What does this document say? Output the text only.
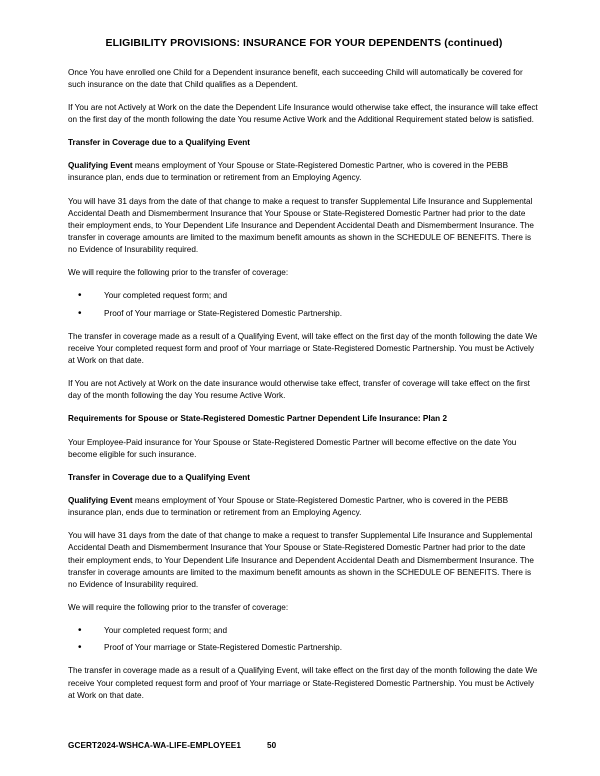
ELIGIBILITY PROVISIONS: INSURANCE FOR YOUR DEPENDENTS (continued)

Once You have enrolled one Child for a Dependent insurance benefit, each succeeding Child will automatically be covered for such insurance on the date that Child qualifies as a Dependent.

If You are not Actively at Work on the date the Dependent Life Insurance would otherwise take effect, the insurance will take effect on the first day of the month following the date You resume Active Work and the Additional Requirement stated below is satisfied.

Transfer in Coverage due to a Qualifying Event

Qualifying Event means employment of Your Spouse or State-Registered Domestic Partner, who is covered in the PEBB insurance plan, ends due to termination or retirement from an Employing Agency.

You will have 31 days from the date of that change to make a request to transfer Supplemental Life Insurance and Supplemental Accidental Death and Dismemberment Insurance that Your Spouse or State-Registered Domestic Partner had prior to the date their employment ends, to Your Dependent Life Insurance and Dependent Accidental Death and Dismemberment Insurance. The transfer in coverage amounts are limited to the maximum benefit amounts as shown in the SCHEDULE OF BENEFITS. There is no Evidence of Insurability required.

We will require the following prior to the transfer of coverage:

•	Your completed request form; and
•	Proof of Your marriage or State-Registered Domestic Partnership.

The transfer in coverage made as a result of a Qualifying Event, will take effect on the first day of the month following the date We receive Your completed request form and proof of Your marriage or State-Registered Domestic Partnership. You must be Actively at Work on that date.

If You are not Actively at Work on the date insurance would otherwise take effect, transfer of coverage will take effect on the first day of the month following the day You resume Active Work.

Requirements for Spouse or State-Registered Domestic Partner Dependent Life Insurance: Plan 2

Your Employee-Paid insurance for Your Spouse or State-Registered Domestic Partner will become effective on the date You become eligible for such insurance.

Transfer in Coverage due to a Qualifying Event

Qualifying Event means employment of Your Spouse or State-Registered Domestic Partner, who is covered in the PEBB insurance plan, ends due to termination or retirement from an Employing Agency.

You will have 31 days from the date of that change to make a request to transfer Supplemental Life Insurance and Supplemental Accidental Death and Dismemberment Insurance that Your Spouse or State-Registered Domestic Partner had prior to the date their employment ends, to Your Dependent Life Insurance and Dependent Accidental Death and Dismemberment Insurance. The transfer in coverage amounts are limited to the maximum benefit amounts as shown in the SCHEDULE OF BENEFITS. There is no Evidence of Insurability required.

We will require the following prior to the transfer of coverage:

•	Your completed request form; and
•	Proof of Your marriage or State-Registered Domestic Partnership.

The transfer in coverage made as a result of a Qualifying Event, will take effect on the first day of the month following the date We receive Your completed request form and proof of Your marriage or State-Registered Domestic Partnership. You must be Actively at Work on that date.

GCERT2024-WSHCA-WA-LIFE-EMPLOYEE1	50
